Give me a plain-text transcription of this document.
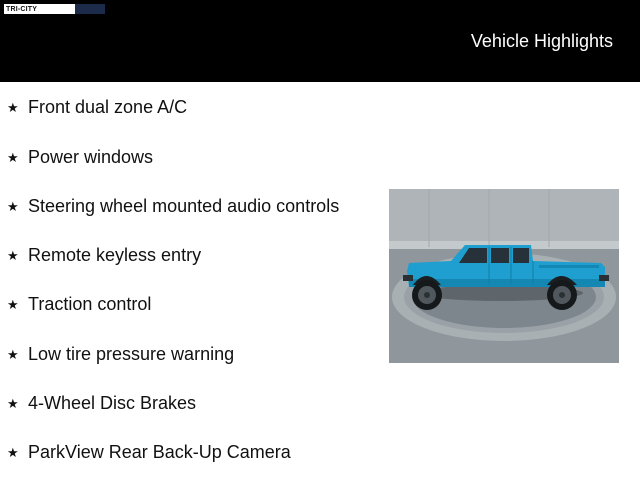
TRI-CITY
Vehicle Highlights
★ Front dual zone A/C
★ Power windows
★ Steering wheel mounted audio controls
★ Remote keyless entry
★ Traction control
★ Low tire pressure warning
★ 4-Wheel Disc Brakes
★ ParkView Rear Back-Up Camera
